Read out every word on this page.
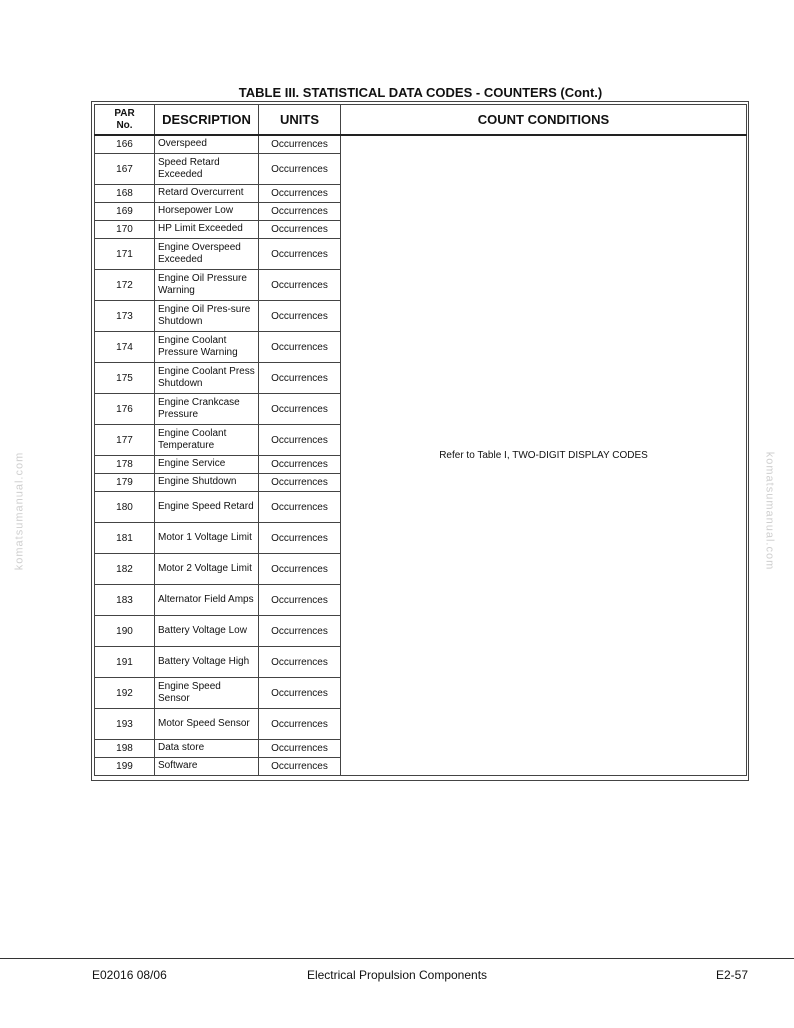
TABLE III. STATISTICAL DATA CODES - COUNTERS (Cont.)
PAR
No.	DESCRIPTION	UNITS	COUNT CONDITIONS
166	Overspeed	Occurrences	Refer to Table I, TWO-DIGIT DISPLAY CODES
167	Speed Retard Exceeded	Occurrences	
168	Retard Overcurrent	Occurrences	
169	Horsepower Low	Occurrences	
170	HP Limit Exceeded	Occurrences	
171	Engine Overspeed Exceeded	Occurrences	
172	Engine Oil Pressure Warning	Occurrences	
173	Engine Oil Pres-sure Shutdown	Occurrences	
174	Engine Coolant Pressure Warning	Occurrences	
175	Engine Coolant Press Shutdown	Occurrences	
176	Engine Crankcase Pressure	Occurrences	
177	Engine Coolant Temperature	Occurrences	
178	Engine Service	Occurrences	
179	Engine Shutdown	Occurrences	
180	Engine Speed Retard	Occurrences	
181	Motor 1 Voltage Limit	Occurrences	
182	Motor 2 Voltage Limit	Occurrences	
183	Alternator Field Amps	Occurrences	
190	Battery Voltage Low	Occurrences	
191	Battery Voltage High	Occurrences	
192	Engine Speed Sensor	Occurrences	
193	Motor Speed Sensor	Occurrences	
198	Data store	Occurrences	
199	Software	Occurrences	
komatsumanual.com	komatsumanual.com
E02016 08/06	Electrical Propulsion Components	E2-57
